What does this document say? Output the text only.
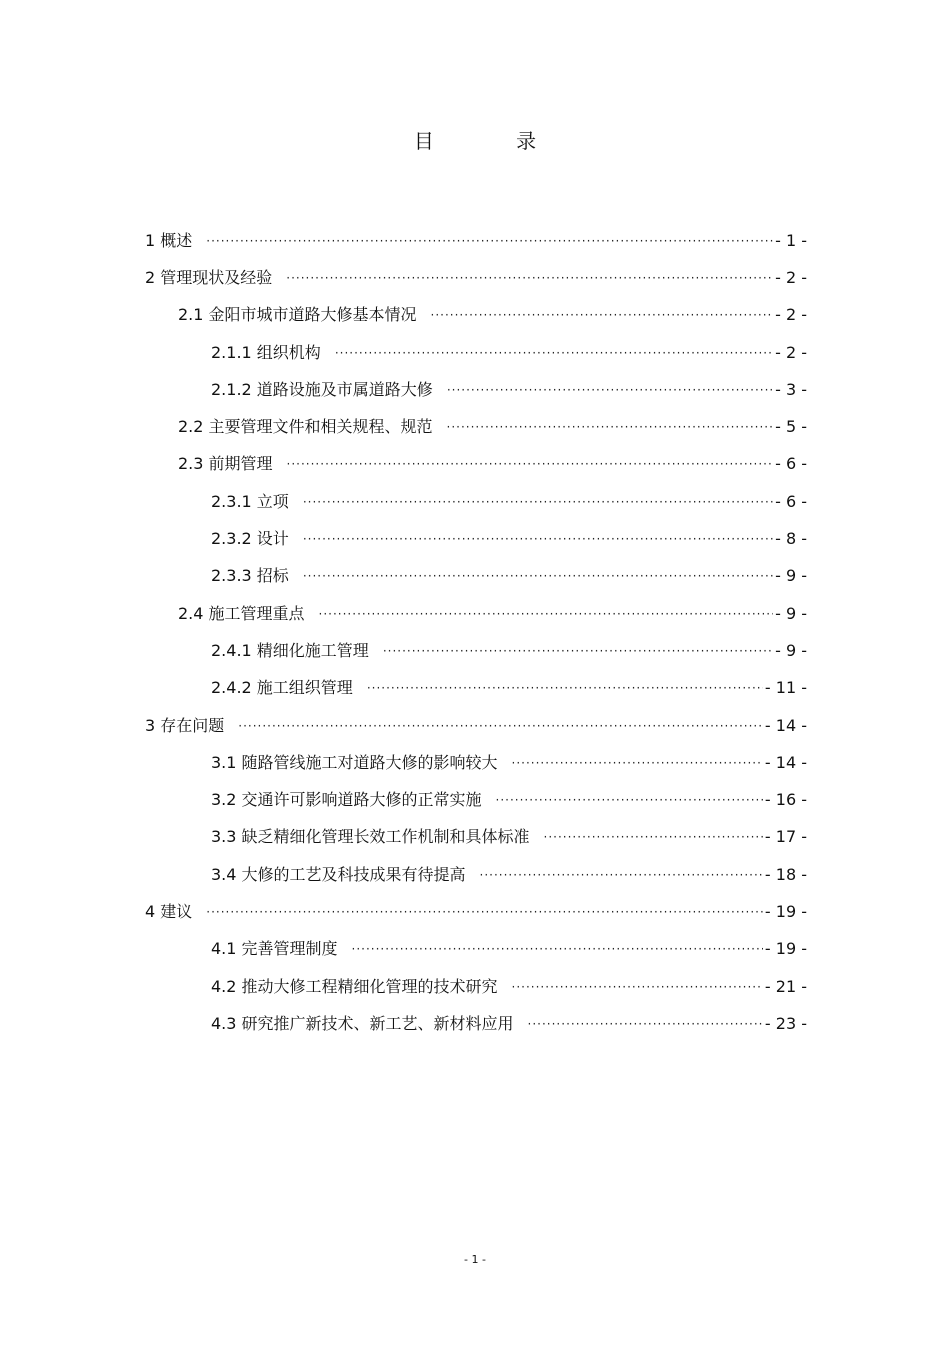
目 录
1 概述 ·····	- 1 -
2 管理现状及经验 ·····	- 2 -
2.1 金阳市城市道路大修基本情况 ·····	- 2 -
2.1.1 组织机构 ·····	- 2 -
2.1.2 道路设施及市属道路大修 ·····	- 3 -
2.2 主要管理文件和相关规程、规范 ·····	- 5 -
2.3 前期管理 ·····	- 6 -
2.3.1 立项 ·····	- 6 -
2.3.2 设计 ·····	- 8 -
2.3.3 招标 ·····	- 9 -
2.4 施工管理重点 ·····	- 9 -
2.4.1 精细化施工管理 ·····	- 9 -
2.4.2 施工组织管理 ·····	- 11 -
3 存在问题 ·····	- 14 -
3.1 随路管线施工对道路大修的影响较大 ·····	- 14 -
3.2 交通许可影响道路大修的正常实施 ·····	- 16 -
3.3 缺乏精细化管理长效工作机制和具体标准 ·····	- 17 -
3.4 大修的工艺及科技成果有待提高 ·····	- 18 -
4 建议 ·····	- 19 -
4.1 完善管理制度 ·····	- 19 -
4.2 推动大修工程精细化管理的技术研究 ·····	- 21 -
4.3 研究推广新技术、新工艺、新材料应用 ·····	- 23 -
- 1 -
